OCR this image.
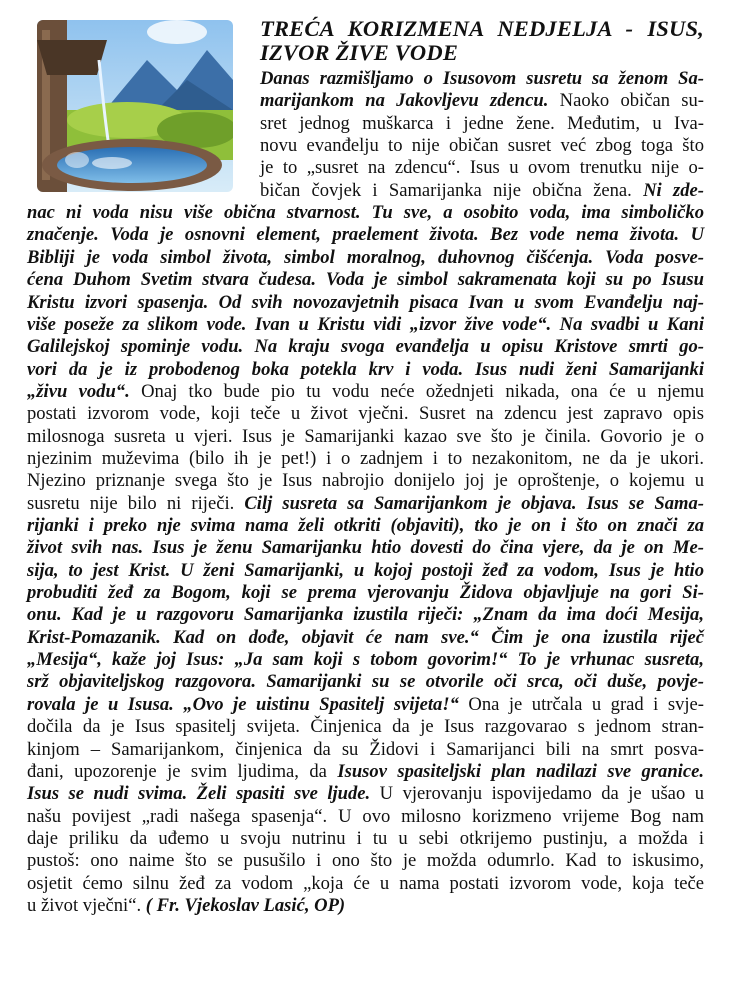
TREĆA KORIZMENA NEDJELJA - ISUS,
IZVOR ŽIVE VODE
Danas razmišljamo o Isusovom susretu sa ženom Sa-
marijankom na Jakovljevu zdencu. Naoko običan su-
sret jednog muškarca i jedne žene. Međutim, u Iva-
novu evanđelju to nije običan susret već zbog toga što
je to „susret na zdencu“. Isus u ovom trenutku nije o-
bičan čovjek i Samarijanka nije obična žena. Ni zde-
nac ni voda nisu više obična stvarnost. Tu sve, a osobito voda, ima simboličko
značenje. Voda je osnovni element, praelement života. Bez vode nema života. U
Bibliji je voda simbol života, simbol moralnog, duhovnog čišćenja. Voda posve-
ćena Duhom Svetim stvara čudesa. Voda je simbol sakramenata koji su po Isusu
Kristu izvori spasenja. Od svih novozavjetnih pisaca Ivan u svom Evanđelju naj-
više poseže za slikom vode. Ivan u Kristu vidi „izvor žive vode“. Na svadbi u Kani
Galilejskoj spominje vodu. Na kraju svoga evanđelja u opisu Kristove smrti go-
vori da je iz probodenog boka potekla krv i voda. Isus nudi ženi Samarijanki
„živu vodu“. Onaj tko bude pio tu vodu neće ožednjeti nikada, ona će u njemu
postati izvorom vode, koji teče u život vječni. Susret na zdencu jest zapravo opis
milosnoga susreta u vjeri. Isus je Samarijanki kazao sve što je činila. Govorio je o
njezinim muževima (bilo ih je pet!) i o zadnjem i to nezakonitom, ne da je ukori.
Njezino priznanje svega što je Isus nabrojio donijelo joj je oproštenje, o kojemu u
susretu nije bilo ni riječi. Cilj susreta sa Samarijankom je objava. Isus se Sama-
rijanki i preko nje svima nama želi otkriti (objaviti), tko je on i što on znači za
život svih nas. Isus je ženu Samarijanku htio dovesti do čina vjere, da je on Me-
sija, to jest Krist. U ženi Samarijanki, u kojoj postoji žeđ za vodom, Isus je htio
probuditi žeđ za Bogom, koji se prema vjerovanju Židova objavljuje na gori Si-
onu. Kad je u razgovoru Samarijanka izustila riječi: „Znam da ima doći Mesija,
Krist-Pomazanik. Kad on dođe, objavit će nam sve.“ Čim je ona izustila riječ
„Mesija“, kaže joj Isus: „Ja sam koji s tobom govorim!“ To je vrhunac susreta,
srž objaviteljskog razgovora. Samarijanki su se otvorile oči srca, oči duše, povje-
rovala je u Isusa. „Ovo je uistinu Spasitelj svijeta!“ Ona je utrčala u grad i svje-
dočila da je Isus spasitelj svijeta. Činjenica da je Isus razgovarao s jednom stran-
kinjom – Samarijankom, činjenica da su Židovi i Samarijanci bili na smrt posva-
đani, upozorenje je svim ljudima, da Isusov spasiteljski plan nadilazi sve granice.
Isus se nudi svima. Želi spasiti sve ljude. U vjerovanju ispovijedamo da je ušao u
našu povijest „radi našega spasenja“. U ovo milosno korizmeno vrijeme Bog nam
daje priliku da uđemo u svoju nutrinu i tu u sebi otkrijemo pustinju, a možda i
pustoš: ono naime što se pusušilo i ono što je možda odumrlo. Kad to iskusimo,
osjetit ćemo silnu žeđ za vodom „koja će u nama postati izvorom vode, koja teče
u život vječni“. ( Fr. Vjekoslav Lasić, OP)
